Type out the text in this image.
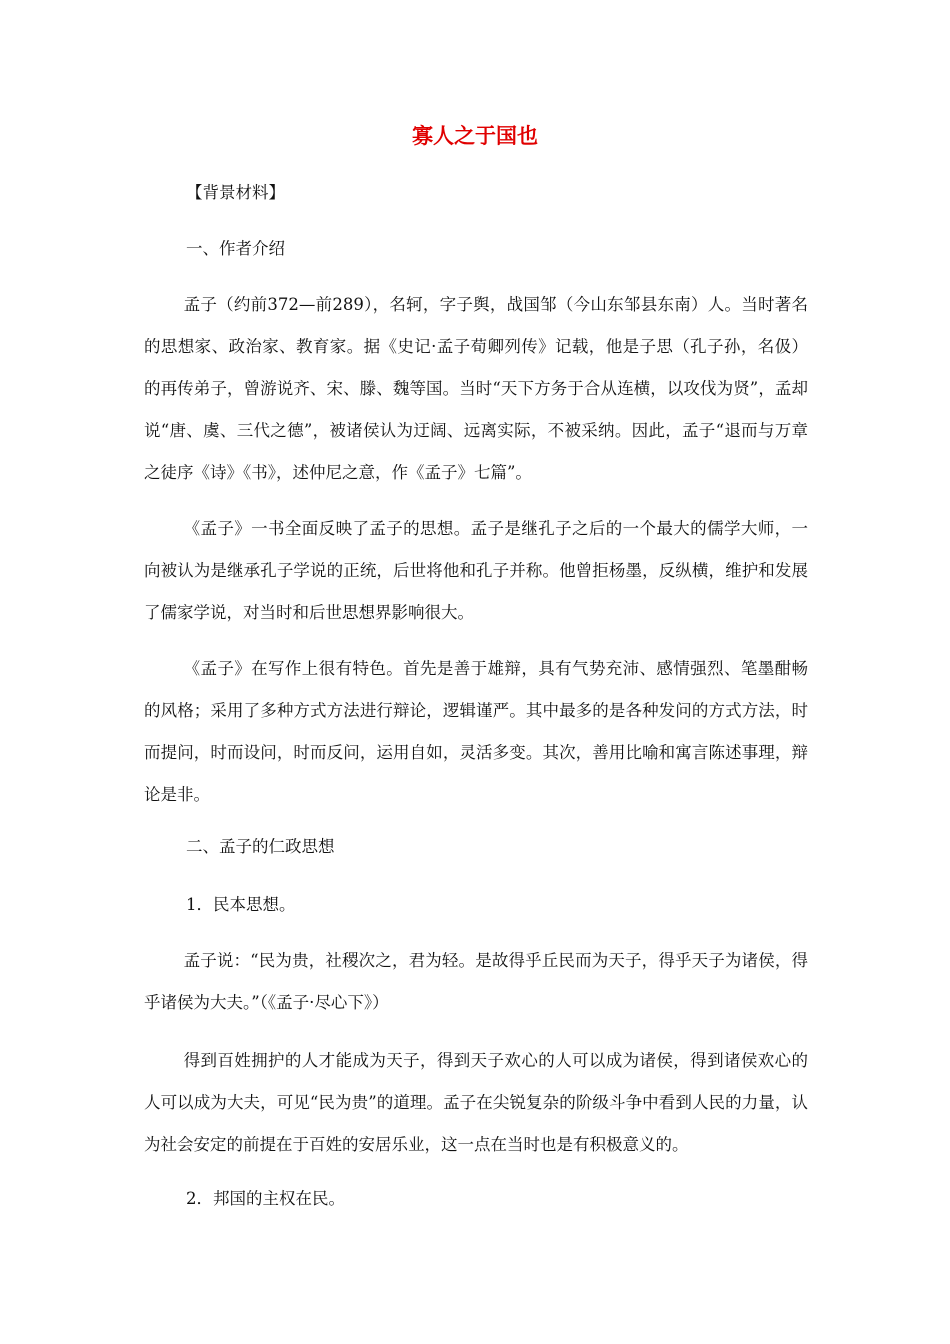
寡人之于国也

【背景材料】

一、作者介绍

孟子（约前372—前289），名轲，字子舆，战国邹（今山东邹县东南）人。当时著名的思想家、政治家、教育家。据《史记·孟子荀卿列传》记载，他是子思（孔子孙，名伋）的再传弟子，曾游说齐、宋、滕、魏等国。当时“天下方务于合从连横，以攻伐为贤”，孟却说“唐、虞、三代之德”，被诸侯认为迂阔、远离实际，不被采纳。因此，孟子“退而与万章之徒序《诗》《书》，述仲尼之意，作《孟子》七篇”。

《孟子》一书全面反映了孟子的思想。孟子是继孔子之后的一个最大的儒学大师，一向被认为是继承孔子学说的正统，后世将他和孔子并称。他曾拒杨墨，反纵横，维护和发展了儒家学说，对当时和后世思想界影响很大。

《孟子》在写作上很有特色。首先是善于雄辩，具有气势充沛、感情强烈、笔墨酣畅的风格；采用了多种方式方法进行辩论，逻辑谨严。其中最多的是各种发问的方式方法，时而提问，时而设问，时而反问，运用自如，灵活多变。其次，善用比喻和寓言陈述事理，辩论是非。

二、孟子的仁政思想

1．民本思想。

孟子说：“民为贵，社稷次之，君为轻。是故得乎丘民而为天子，得乎天子为诸侯，得乎诸侯为大夫。”（《孟子·尽心下》）

得到百姓拥护的人才能成为天子，得到天子欢心的人可以成为诸侯，得到诸侯欢心的人可以成为大夫，可见“民为贵”的道理。孟子在尖锐复杂的阶级斗争中看到人民的力量，认为社会安定的前提在于百姓的安居乐业，这一点在当时也是有积极意义的。

2．邦国的主权在民。
